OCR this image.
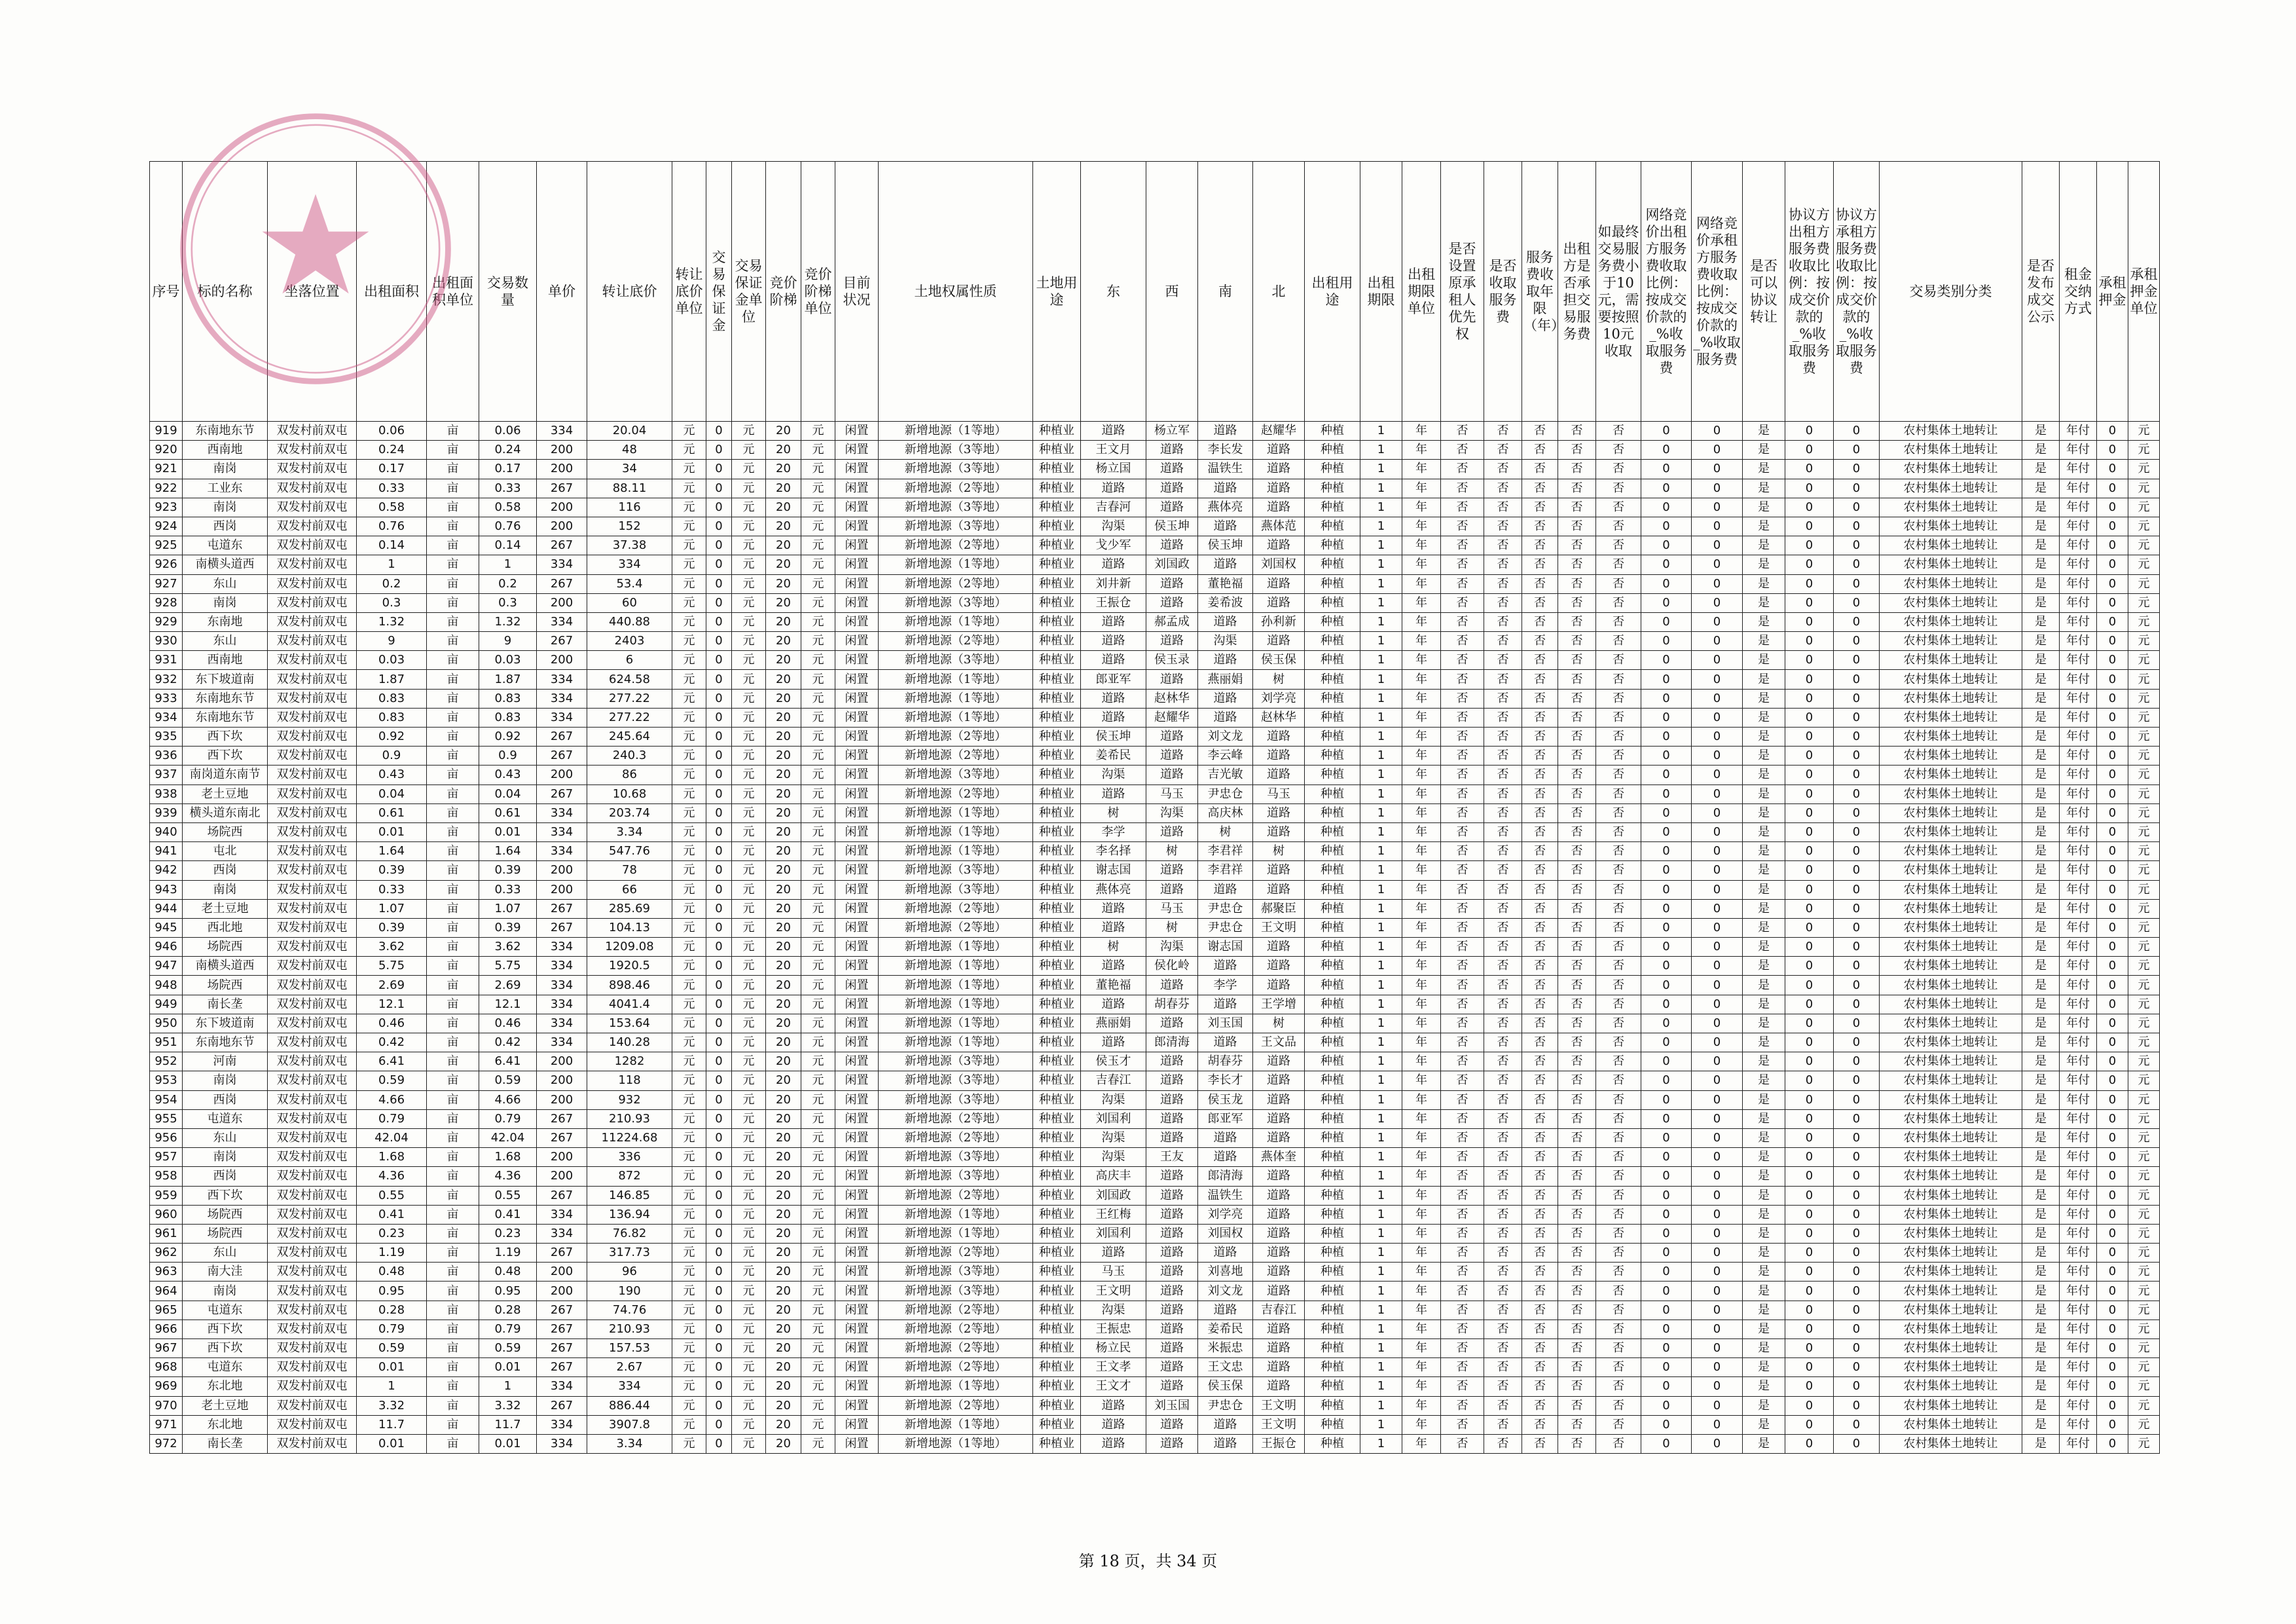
序号	标的名称	坐落位置	出租面积	出租面积单位	交易数量	单价	转让底价	转让底价单位	交易保证金	交易保证金单位	竞价阶梯	竞价阶梯单位	目前状况	土地权属性质	土地用途	东	西	南	北	出租用途	出租期限	出租期限单位	是否设置原承租人优先权	是否收取服务费	服务费收取年限（年）	出租方是否承担交易服务费	如最终交易服务费小于10元，需要按照10元收取	网络竞价出租方服务费收取比例：按成交价款的_%收取服务费	网络竞价承租方服务费收取比例：按成交价款的_%收取服务费	是否可以协议转让	协议方出租方服务费收取比例：按成交价款的_%收取服务费	协议方承租方服务费收取比例：按成交价款的_%收取服务费	交易类别分类	是否发布成交公示	租金交纳方式	承租押金	承租押金单位
919	东南地东节	双发村前双屯	0.06	亩	0.06	334	20.04	元	0	元	20	元	闲置	新增地源（1等地）	种植业	道路	杨立军	道路	赵耀华	种植	1	年	否	否	否	否	否	0	0	是	0	0	农村集体土地转让	是	年付	0	元
920	西南地	双发村前双屯	0.24	亩	0.24	200	48	元	0	元	20	元	闲置	新增地源（3等地）	种植业	王文月	道路	李长发	道路	种植	1	年	否	否	否	否	否	0	0	是	0	0	农村集体土地转让	是	年付	0	元
921	南岗	双发村前双屯	0.17	亩	0.17	200	34	元	0	元	20	元	闲置	新增地源（3等地）	种植业	杨立国	道路	温铁生	道路	种植	1	年	否	否	否	否	否	0	0	是	0	0	农村集体土地转让	是	年付	0	元
922	工业东	双发村前双屯	0.33	亩	0.33	267	88.11	元	0	元	20	元	闲置	新增地源（2等地）	种植业	道路	道路	道路	道路	种植	1	年	否	否	否	否	否	0	0	是	0	0	农村集体土地转让	是	年付	0	元
923	南岗	双发村前双屯	0.58	亩	0.58	200	116	元	0	元	20	元	闲置	新增地源（3等地）	种植业	吉春河	道路	燕体亮	道路	种植	1	年	否	否	否	否	否	0	0	是	0	0	农村集体土地转让	是	年付	0	元
924	西岗	双发村前双屯	0.76	亩	0.76	200	152	元	0	元	20	元	闲置	新增地源（3等地）	种植业	沟渠	侯玉坤	道路	燕体范	种植	1	年	否	否	否	否	否	0	0	是	0	0	农村集体土地转让	是	年付	0	元
925	屯道东	双发村前双屯	0.14	亩	0.14	267	37.38	元	0	元	20	元	闲置	新增地源（2等地）	种植业	戈少军	道路	侯玉坤	道路	种植	1	年	否	否	否	否	否	0	0	是	0	0	农村集体土地转让	是	年付	0	元
926	南横头道西	双发村前双屯	1	亩	1	334	334	元	0	元	20	元	闲置	新增地源（1等地）	种植业	道路	刘国政	道路	刘国权	种植	1	年	否	否	否	否	否	0	0	是	0	0	农村集体土地转让	是	年付	0	元
927	东山	双发村前双屯	0.2	亩	0.2	267	53.4	元	0	元	20	元	闲置	新增地源（2等地）	种植业	刘井新	道路	董艳福	道路	种植	1	年	否	否	否	否	否	0	0	是	0	0	农村集体土地转让	是	年付	0	元
928	南岗	双发村前双屯	0.3	亩	0.3	200	60	元	0	元	20	元	闲置	新增地源（3等地）	种植业	王振仓	道路	姜希波	道路	种植	1	年	否	否	否	否	否	0	0	是	0	0	农村集体土地转让	是	年付	0	元
929	东南地	双发村前双屯	1.32	亩	1.32	334	440.88	元	0	元	20	元	闲置	新增地源（1等地）	种植业	道路	郝孟成	道路	孙利新	种植	1	年	否	否	否	否	否	0	0	是	0	0	农村集体土地转让	是	年付	0	元
930	东山	双发村前双屯	9	亩	9	267	2403	元	0	元	20	元	闲置	新增地源（2等地）	种植业	道路	道路	沟渠	道路	种植	1	年	否	否	否	否	否	0	0	是	0	0	农村集体土地转让	是	年付	0	元
931	西南地	双发村前双屯	0.03	亩	0.03	200	6	元	0	元	20	元	闲置	新增地源（3等地）	种植业	道路	侯玉录	道路	侯玉保	种植	1	年	否	否	否	否	否	0	0	是	0	0	农村集体土地转让	是	年付	0	元
932	东下坡道南	双发村前双屯	1.87	亩	1.87	334	624.58	元	0	元	20	元	闲置	新增地源（1等地）	种植业	郎亚军	道路	燕丽娟	树	种植	1	年	否	否	否	否	否	0	0	是	0	0	农村集体土地转让	是	年付	0	元
933	东南地东节	双发村前双屯	0.83	亩	0.83	334	277.22	元	0	元	20	元	闲置	新增地源（1等地）	种植业	道路	赵林华	道路	刘学亮	种植	1	年	否	否	否	否	否	0	0	是	0	0	农村集体土地转让	是	年付	0	元
934	东南地东节	双发村前双屯	0.83	亩	0.83	334	277.22	元	0	元	20	元	闲置	新增地源（1等地）	种植业	道路	赵耀华	道路	赵林华	种植	1	年	否	否	否	否	否	0	0	是	0	0	农村集体土地转让	是	年付	0	元
935	西下坎	双发村前双屯	0.92	亩	0.92	267	245.64	元	0	元	20	元	闲置	新增地源（2等地）	种植业	侯玉坤	道路	刘文龙	道路	种植	1	年	否	否	否	否	否	0	0	是	0	0	农村集体土地转让	是	年付	0	元
936	西下坎	双发村前双屯	0.9	亩	0.9	267	240.3	元	0	元	20	元	闲置	新增地源（2等地）	种植业	姜希民	道路	李云峰	道路	种植	1	年	否	否	否	否	否	0	0	是	0	0	农村集体土地转让	是	年付	0	元
937	南岗道东南节	双发村前双屯	0.43	亩	0.43	200	86	元	0	元	20	元	闲置	新增地源（3等地）	种植业	沟渠	道路	吉光敏	道路	种植	1	年	否	否	否	否	否	0	0	是	0	0	农村集体土地转让	是	年付	0	元
938	老土豆地	双发村前双屯	0.04	亩	0.04	267	10.68	元	0	元	20	元	闲置	新增地源（2等地）	种植业	道路	马玉	尹忠仓	马玉	种植	1	年	否	否	否	否	否	0	0	是	0	0	农村集体土地转让	是	年付	0	元
939	横头道东南北	双发村前双屯	0.61	亩	0.61	334	203.74	元	0	元	20	元	闲置	新增地源（1等地）	种植业	树	沟渠	高庆林	道路	种植	1	年	否	否	否	否	否	0	0	是	0	0	农村集体土地转让	是	年付	0	元
940	场院西	双发村前双屯	0.01	亩	0.01	334	3.34	元	0	元	20	元	闲置	新增地源（1等地）	种植业	李学	道路	树	道路	种植	1	年	否	否	否	否	否	0	0	是	0	0	农村集体土地转让	是	年付	0	元
941	屯北	双发村前双屯	1.64	亩	1.64	334	547.76	元	0	元	20	元	闲置	新增地源（1等地）	种植业	李名择	树	李君祥	树	种植	1	年	否	否	否	否	否	0	0	是	0	0	农村集体土地转让	是	年付	0	元
942	西岗	双发村前双屯	0.39	亩	0.39	200	78	元	0	元	20	元	闲置	新增地源（3等地）	种植业	谢志国	道路	李君祥	道路	种植	1	年	否	否	否	否	否	0	0	是	0	0	农村集体土地转让	是	年付	0	元
943	南岗	双发村前双屯	0.33	亩	0.33	200	66	元	0	元	20	元	闲置	新增地源（3等地）	种植业	燕体亮	道路	道路	道路	种植	1	年	否	否	否	否	否	0	0	是	0	0	农村集体土地转让	是	年付	0	元
944	老土豆地	双发村前双屯	1.07	亩	1.07	267	285.69	元	0	元	20	元	闲置	新增地源（2等地）	种植业	道路	马玉	尹忠仓	郝聚臣	种植	1	年	否	否	否	否	否	0	0	是	0	0	农村集体土地转让	是	年付	0	元
945	西北地	双发村前双屯	0.39	亩	0.39	267	104.13	元	0	元	20	元	闲置	新增地源（2等地）	种植业	道路	树	尹忠仓	王文明	种植	1	年	否	否	否	否	否	0	0	是	0	0	农村集体土地转让	是	年付	0	元
946	场院西	双发村前双屯	3.62	亩	3.62	334	1209.08	元	0	元	20	元	闲置	新增地源（1等地）	种植业	树	沟渠	谢志国	道路	种植	1	年	否	否	否	否	否	0	0	是	0	0	农村集体土地转让	是	年付	0	元
947	南横头道西	双发村前双屯	5.75	亩	5.75	334	1920.5	元	0	元	20	元	闲置	新增地源（1等地）	种植业	道路	侯化岭	道路	道路	种植	1	年	否	否	否	否	否	0	0	是	0	0	农村集体土地转让	是	年付	0	元
948	场院西	双发村前双屯	2.69	亩	2.69	334	898.46	元	0	元	20	元	闲置	新增地源（1等地）	种植业	董艳福	道路	李学	道路	种植	1	年	否	否	否	否	否	0	0	是	0	0	农村集体土地转让	是	年付	0	元
949	南长垄	双发村前双屯	12.1	亩	12.1	334	4041.4	元	0	元	20	元	闲置	新增地源（1等地）	种植业	道路	胡春芬	道路	王学增	种植	1	年	否	否	否	否	否	0	0	是	0	0	农村集体土地转让	是	年付	0	元
950	东下坡道南	双发村前双屯	0.46	亩	0.46	334	153.64	元	0	元	20	元	闲置	新增地源（1等地）	种植业	燕丽娟	道路	刘玉国	树	种植	1	年	否	否	否	否	否	0	0	是	0	0	农村集体土地转让	是	年付	0	元
951	东南地东节	双发村前双屯	0.42	亩	0.42	334	140.28	元	0	元	20	元	闲置	新增地源（1等地）	种植业	道路	郎清海	道路	王文品	种植	1	年	否	否	否	否	否	0	0	是	0	0	农村集体土地转让	是	年付	0	元
952	河南	双发村前双屯	6.41	亩	6.41	200	1282	元	0	元	20	元	闲置	新增地源（3等地）	种植业	侯玉才	道路	胡春芬	道路	种植	1	年	否	否	否	否	否	0	0	是	0	0	农村集体土地转让	是	年付	0	元
953	南岗	双发村前双屯	0.59	亩	0.59	200	118	元	0	元	20	元	闲置	新增地源（3等地）	种植业	吉春江	道路	李长才	道路	种植	1	年	否	否	否	否	否	0	0	是	0	0	农村集体土地转让	是	年付	0	元
954	西岗	双发村前双屯	4.66	亩	4.66	200	932	元	0	元	20	元	闲置	新增地源（3等地）	种植业	沟渠	道路	侯玉龙	道路	种植	1	年	否	否	否	否	否	0	0	是	0	0	农村集体土地转让	是	年付	0	元
955	屯道东	双发村前双屯	0.79	亩	0.79	267	210.93	元	0	元	20	元	闲置	新增地源（2等地）	种植业	刘国利	道路	郎亚军	道路	种植	1	年	否	否	否	否	否	0	0	是	0	0	农村集体土地转让	是	年付	0	元
956	东山	双发村前双屯	42.04	亩	42.04	267	11224.68	元	0	元	20	元	闲置	新增地源（2等地）	种植业	沟渠	道路	道路	道路	种植	1	年	否	否	否	否	否	0	0	是	0	0	农村集体土地转让	是	年付	0	元
957	南岗	双发村前双屯	1.68	亩	1.68	200	336	元	0	元	20	元	闲置	新增地源（3等地）	种植业	沟渠	王友	道路	燕体奎	种植	1	年	否	否	否	否	否	0	0	是	0	0	农村集体土地转让	是	年付	0	元
958	西岗	双发村前双屯	4.36	亩	4.36	200	872	元	0	元	20	元	闲置	新增地源（3等地）	种植业	高庆丰	道路	郎清海	道路	种植	1	年	否	否	否	否	否	0	0	是	0	0	农村集体土地转让	是	年付	0	元
959	西下坎	双发村前双屯	0.55	亩	0.55	267	146.85	元	0	元	20	元	闲置	新增地源（2等地）	种植业	刘国政	道路	温铁生	道路	种植	1	年	否	否	否	否	否	0	0	是	0	0	农村集体土地转让	是	年付	0	元
960	场院西	双发村前双屯	0.41	亩	0.41	334	136.94	元	0	元	20	元	闲置	新增地源（1等地）	种植业	王红梅	道路	刘学亮	道路	种植	1	年	否	否	否	否	否	0	0	是	0	0	农村集体土地转让	是	年付	0	元
961	场院西	双发村前双屯	0.23	亩	0.23	334	76.82	元	0	元	20	元	闲置	新增地源（1等地）	种植业	刘国利	道路	刘国权	道路	种植	1	年	否	否	否	否	否	0	0	是	0	0	农村集体土地转让	是	年付	0	元
962	东山	双发村前双屯	1.19	亩	1.19	267	317.73	元	0	元	20	元	闲置	新增地源（2等地）	种植业	道路	道路	道路	道路	种植	1	年	否	否	否	否	否	0	0	是	0	0	农村集体土地转让	是	年付	0	元
963	南大洼	双发村前双屯	0.48	亩	0.48	200	96	元	0	元	20	元	闲置	新增地源（3等地）	种植业	马玉	道路	刘喜地	道路	种植	1	年	否	否	否	否	否	0	0	是	0	0	农村集体土地转让	是	年付	0	元
964	南岗	双发村前双屯	0.95	亩	0.95	200	190	元	0	元	20	元	闲置	新增地源（3等地）	种植业	王文明	道路	刘文龙	道路	种植	1	年	否	否	否	否	否	0	0	是	0	0	农村集体土地转让	是	年付	0	元
965	屯道东	双发村前双屯	0.28	亩	0.28	267	74.76	元	0	元	20	元	闲置	新增地源（2等地）	种植业	沟渠	道路	道路	吉春江	种植	1	年	否	否	否	否	否	0	0	是	0	0	农村集体土地转让	是	年付	0	元
966	西下坎	双发村前双屯	0.79	亩	0.79	267	210.93	元	0	元	20	元	闲置	新增地源（2等地）	种植业	王振忠	道路	姜希民	道路	种植	1	年	否	否	否	否	否	0	0	是	0	0	农村集体土地转让	是	年付	0	元
967	西下坎	双发村前双屯	0.59	亩	0.59	267	157.53	元	0	元	20	元	闲置	新增地源（2等地）	种植业	杨立民	道路	米振忠	道路	种植	1	年	否	否	否	否	否	0	0	是	0	0	农村集体土地转让	是	年付	0	元
968	屯道东	双发村前双屯	0.01	亩	0.01	267	2.67	元	0	元	20	元	闲置	新增地源（2等地）	种植业	王文孝	道路	王文忠	道路	种植	1	年	否	否	否	否	否	0	0	是	0	0	农村集体土地转让	是	年付	0	元
969	东北地	双发村前双屯	1	亩	1	334	334	元	0	元	20	元	闲置	新增地源（1等地）	种植业	王文才	道路	侯玉保	道路	种植	1	年	否	否	否	否	否	0	0	是	0	0	农村集体土地转让	是	年付	0	元
970	老土豆地	双发村前双屯	3.32	亩	3.32	267	886.44	元	0	元	20	元	闲置	新增地源（2等地）	种植业	道路	刘玉国	尹忠仓	王文明	种植	1	年	否	否	否	否	否	0	0	是	0	0	农村集体土地转让	是	年付	0	元
971	东北地	双发村前双屯	11.7	亩	11.7	334	3907.8	元	0	元	20	元	闲置	新增地源（1等地）	种植业	道路	道路	道路	王文明	种植	1	年	否	否	否	否	否	0	0	是	0	0	农村集体土地转让	是	年付	0	元
972	南长垄	双发村前双屯	0.01	亩	0.01	334	3.34	元	0	元	20	元	闲置	新增地源（1等地）	种植业	道路	道路	道路	王振仓	种植	1	年	否	否	否	否	否	0	0	是	0	0	农村集体土地转让	是	年付	0	元
第 18 页，共 34 页
